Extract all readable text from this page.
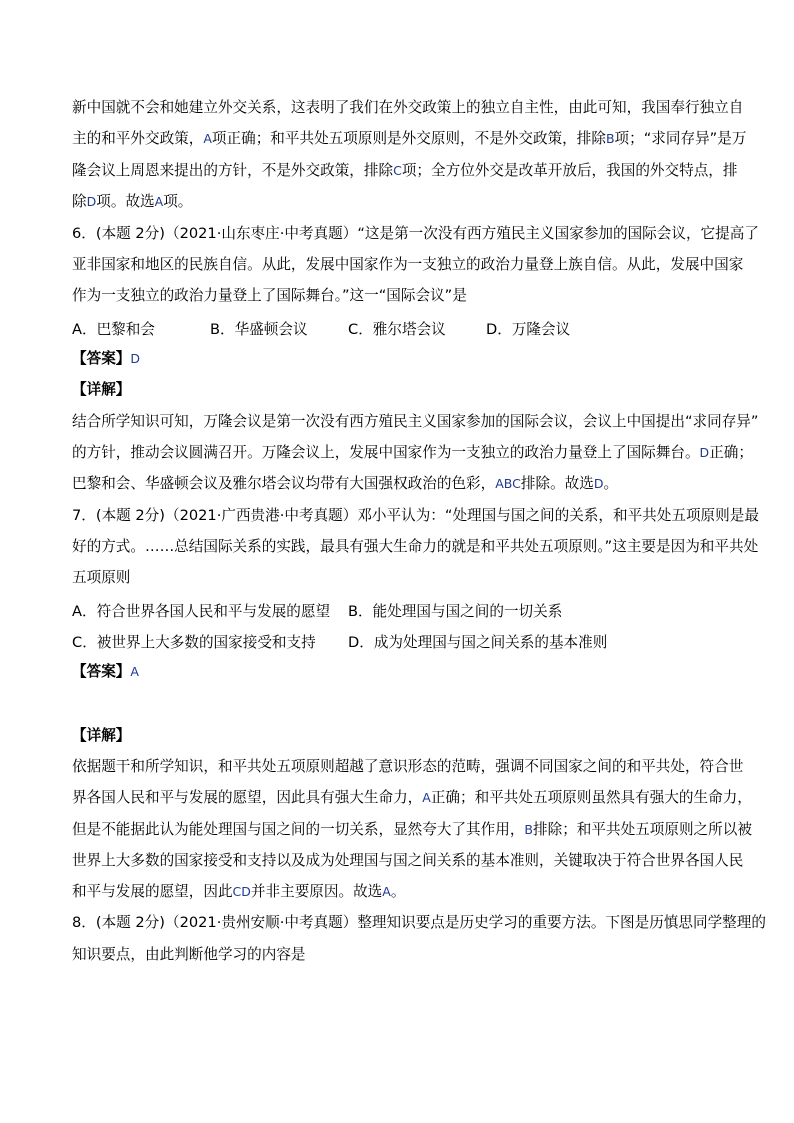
新中国就不会和她建立外交关系，这表明了我们在外交政策上的独立自主性，由此可知，我国奉行独立自
主的和平外交政策，A项正确；和平共处五项原则是外交原则，不是外交政策，排除B项；“求同存异”是万
隆会议上周恩来提出的方针，不是外交政策，排除C项；全方位外交是改革开放后，我国的外交特点，排
除D项。故选A项。
6．(本题 2分)（2021·山东枣庄·中考真题）“这是第一次没有西方殖民主义国家参加的国际会议，它提高了
亚非国家和地区的民族自信。从此，发展中国家作为一支独立的政治力量登上族自信。从此，发展中国家
作为一支独立的政治力量登上了国际舞台。”这一“国际会议”是
A．巴黎和会	B．华盛顿会议	C．雅尔塔会议	D．万隆会议
【答案】D
【详解】
结合所学知识可知，万隆会议是第一次没有西方殖民主义国家参加的国际会议，会议上中国提出“求同存异”
的方针，推动会议圆满召开。万隆会议上，发展中国家作为一支独立的政治力量登上了国际舞台。D正确；
巴黎和会、华盛顿会议及雅尔塔会议均带有大国强权政治的色彩，ABC排除。故选D。
7．(本题 2分)（2021·广西贵港·中考真题）邓小平认为：“处理国与国之间的关系，和平共处五项原则是最
好的方式。……总结国际关系的实践，最具有强大生命力的就是和平共处五项原则。”这主要是因为和平共处
五项原则
A．符合世界各国人民和平与发展的愿望 B．能处理国与国之间的一切关系
C．被世界上大多数的国家接受和支持 D．成为处理国与国之间关系的基本准则
【答案】A
【详解】
依据题干和所学知识，和平共处五项原则超越了意识形态的范畴，强调不同国家之间的和平共处，符合世
界各国人民和平与发展的愿望，因此具有强大生命力，A正确；和平共处五项原则虽然具有强大的生命力，
但是不能据此认为能处理国与国之间的一切关系，显然夸大了其作用，B排除；和平共处五项原则之所以被
世界上大多数的国家接受和支持以及成为处理国与国之间关系的基本准则，关键取决于符合世界各国人民
和平与发展的愿望，因此CD并非主要原因。故选A。
8．(本题 2分)（2021·贵州安顺·中考真题）整理知识要点是历史学习的重要方法。下图是历慎思同学整理的
知识要点，由此判断他学习的内容是
